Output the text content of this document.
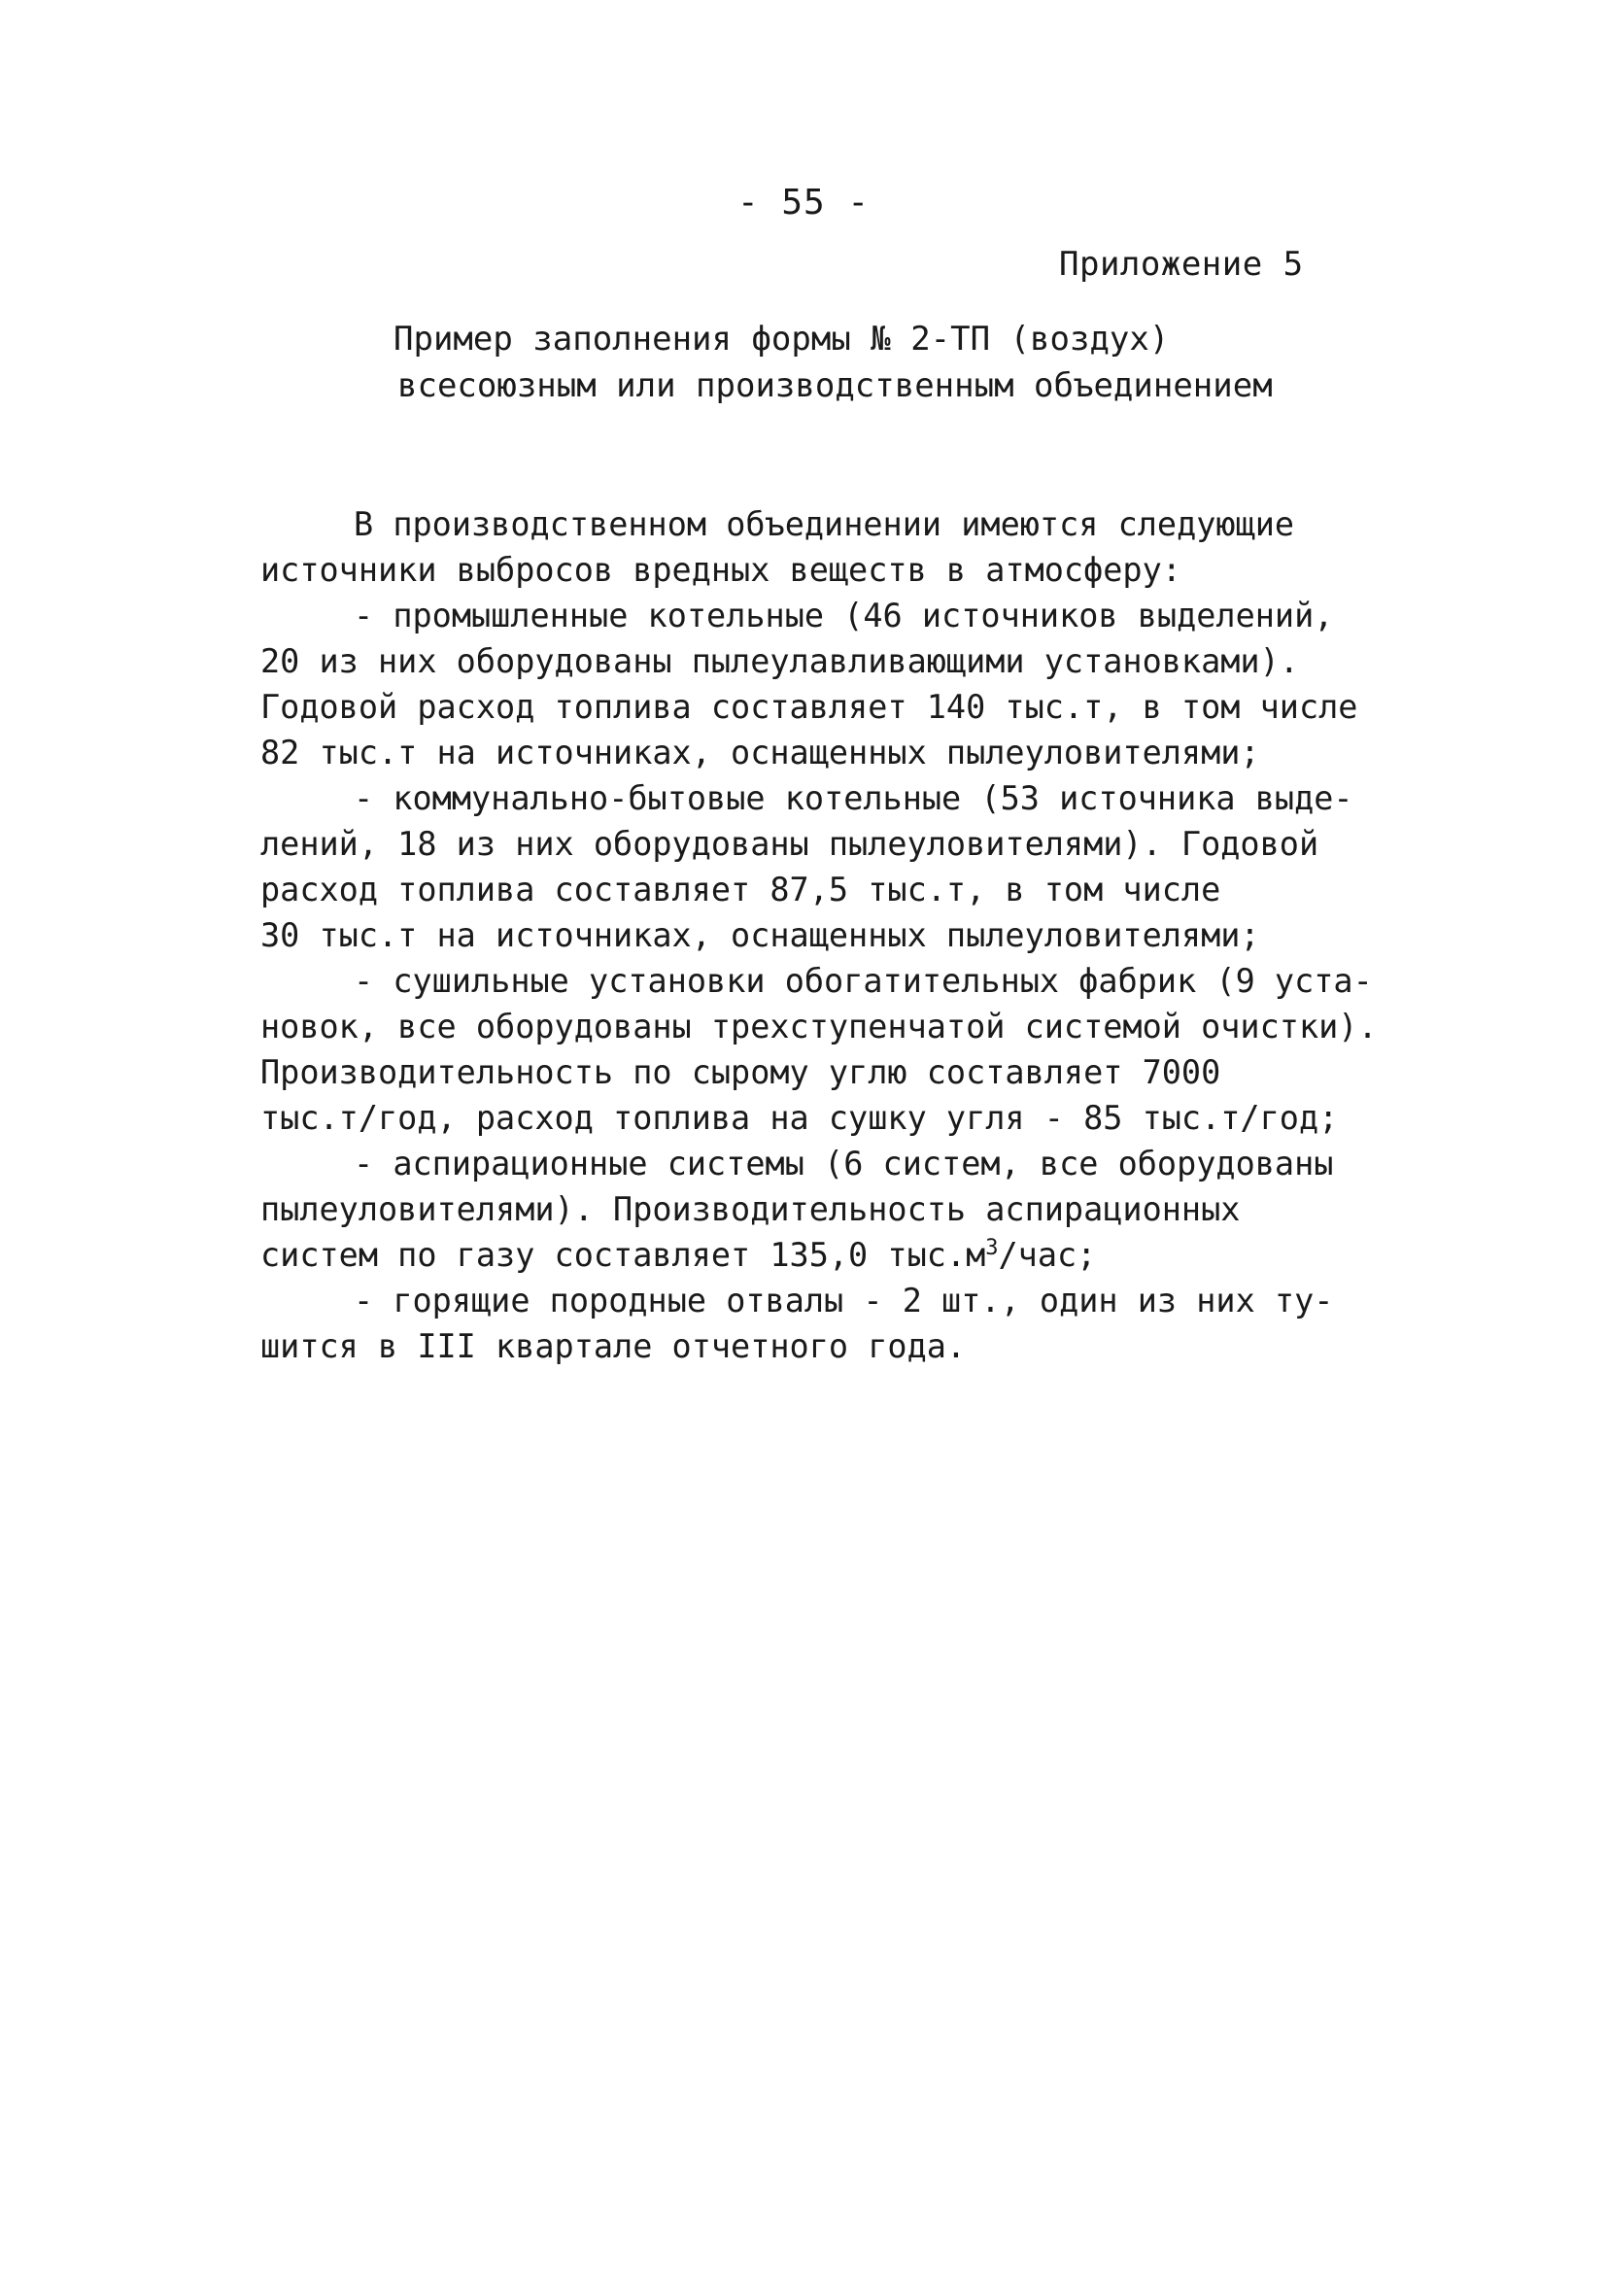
- 55 -
Приложение 5
Пример заполнения формы № 2-ТП (воздух)
всесоюзным или производственным объединением
В производственном объединении имеются следующие
источники выбросов вредных веществ в атмосферу:
- промышленные котельные (46 источников выделений,
20 из них оборудованы пылеулавливающими установками).
Годовой расход топлива составляет 140 тыс.т, в том числе
82 тыс.т на источниках, оснащенных пылеуловителями;
- коммунально-бытовые котельные (53 источника выде-
лений, 18 из них оборудованы пылеуловителями). Годовой
расход топлива составляет 87,5 тыс.т, в том числе
30 тыс.т на источниках, оснащенных пылеуловителями;
- сушильные установки обогатительных фабрик (9 уста-
новок, все оборудованы трехступенчатой системой очистки).
Производительность по сырому углю составляет 7000
тыс.т/год, расход топлива на сушку угля - 85 тыс.т/год;
- аспирационные системы (6 систем, все оборудованы
пылеуловителями). Производительность аспирационных
систем по газу составляет 135,0 $тыс.м^3$/час;
- горящие породные отвалы - 2 шт., один из них ту-
шится в III квартале отчетного года.
